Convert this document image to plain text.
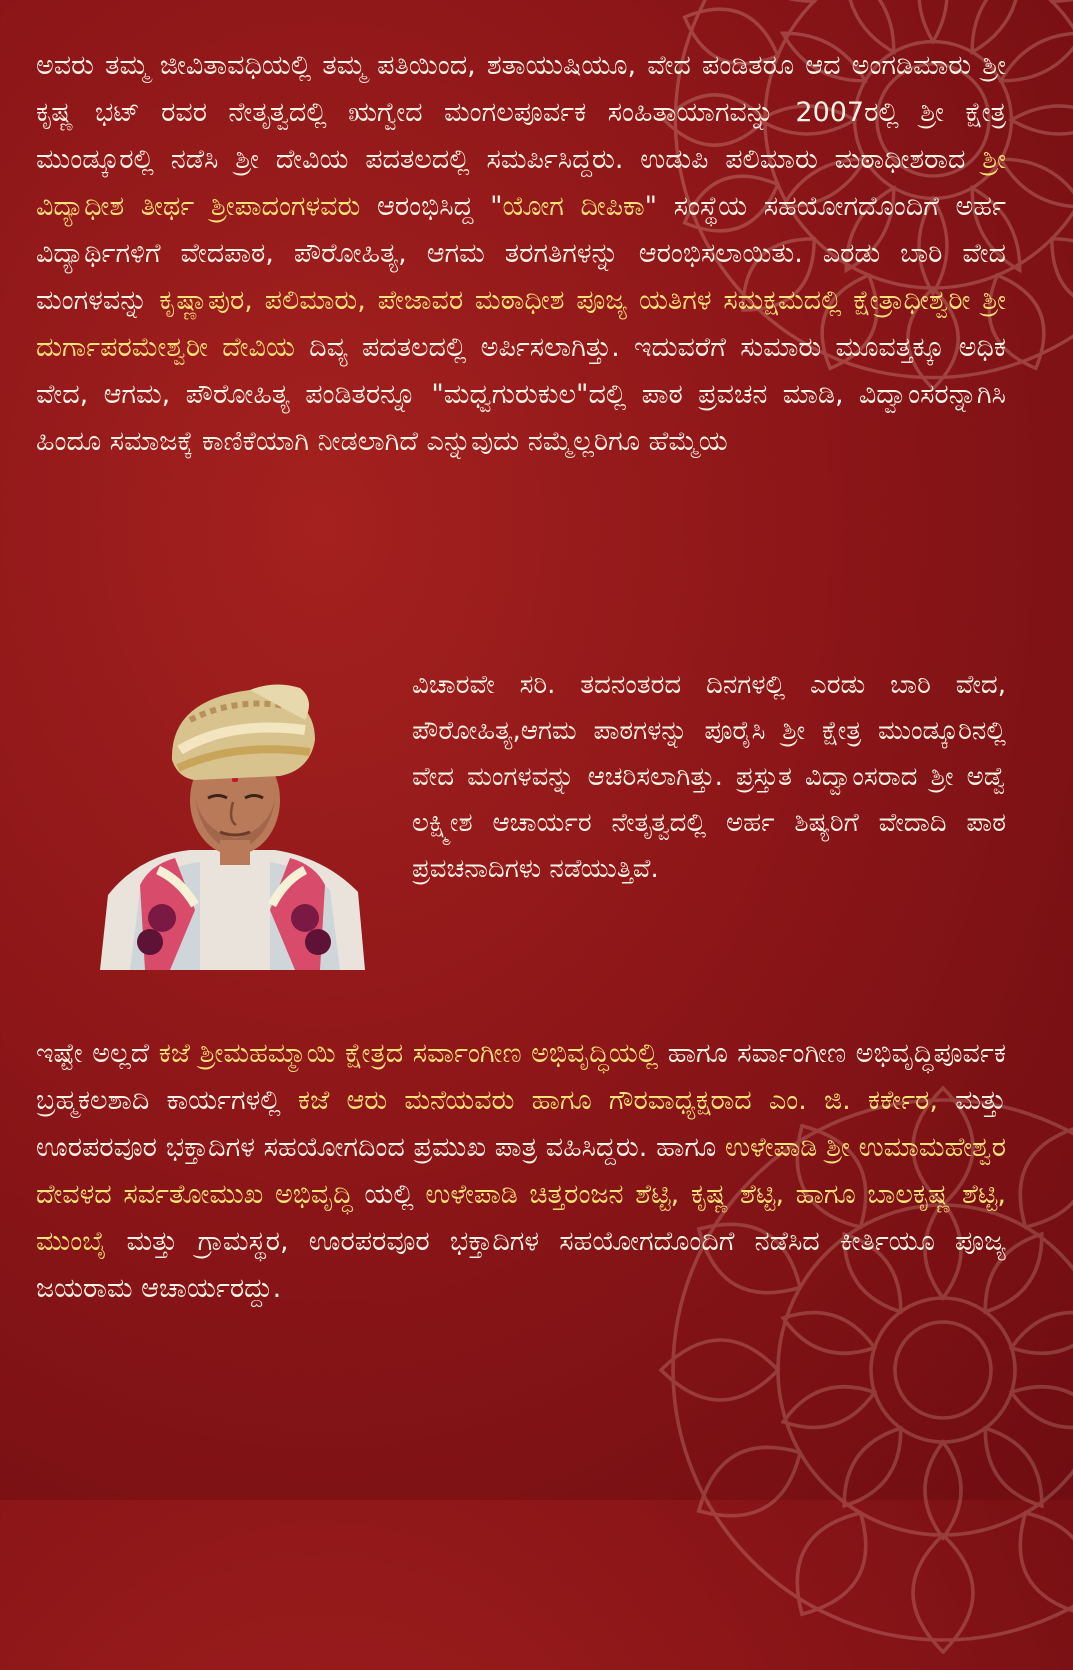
ಅವರು ತಮ್ಮ ಜೀವಿತಾವಧಿಯಲ್ಲಿ ತಮ್ಮ ಪತಿಯಿಂದ, ಶತಾಯುಷಿಯೂ, ವೇದ ಪಂಡಿತರೂ ಆದ ಅಂಗಡಿಮಾರು ಶ್ರೀ ಕೃಷ್ಣ ಭಟ್ ರವರ ನೇತೃತ್ವದಲ್ಲಿ ಋಗ್ವೇದ ಮಂಗಲಪೂರ್ವಕ ಸಂಹಿತಾಯಾಗವನ್ನು 2007ರಲ್ಲಿ ಶ್ರೀ ಕ್ಷೇತ್ರ ಮುಂಡ್ಕೂರಲ್ಲಿ ನಡೆಸಿ ಶ್ರೀ ದೇವಿಯ ಪದತಲದಲ್ಲಿ ಸಮರ್ಪಿಸಿದ್ದರು. ಉಡುಪಿ ಪಲಿಮಾರು ಮಠಾಧೀಶರಾದ ಶ್ರೀ ವಿದ್ಯಾಧೀಶ ತೀರ್ಥ ಶ್ರೀಪಾದಂಗಳವರು ಆರಂಭಿಸಿದ್ದ "ಯೋಗ ದೀಪಿಕಾ" ಸಂಸ್ಥೆಯ ಸಹಯೋಗದೊಂದಿಗೆ ಅರ್ಹ ವಿದ್ಯಾರ್ಥಿಗಳಿಗೆ ವೇದಪಾಠ, ಪೌರೋಹಿತ್ಯ, ಆಗಮ ತರಗತಿಗಳನ್ನು ಆರಂಭಿಸಲಾಯಿತು. ಎರಡು ಬಾರಿ ವೇದ ಮಂಗಳವನ್ನು ಕೃಷ್ಣಾಪುರ, ಪಲಿಮಾರು, ಪೇಜಾವರ ಮಠಾಧೀಶ ಪೂಜ್ಯ ಯತಿಗಳ ಸಮಕ್ಷಮದಲ್ಲಿ ಕ್ಷೇತ್ರಾಧೀಶ್ವರೀ ಶ್ರೀ ದುರ್ಗಾಪರಮೇಶ್ವರೀ ದೇವಿಯ ದಿವ್ಯ ಪದತಲದಲ್ಲಿ ಅರ್ಪಿಸಲಾಗಿತ್ತು. ಇದುವರೆಗೆ ಸುಮಾರು ಮೂವತ್ತಕ್ಕೂ ಅಧಿಕ ವೇದ, ಆಗಮ, ಪೌರೋಹಿತ್ಯ ಪಂಡಿತರನ್ನೂ "ಮಧ್ವಗುರುಕುಲ"ದಲ್ಲಿ ಪಾಠ ಪ್ರವಚನ ಮಾಡಿ, ವಿದ್ವಾಂಸರನ್ನಾಗಿಸಿ ಹಿಂದೂ ಸಮಾಜಕ್ಕೆ ಕಾಣಿಕೆಯಾಗಿ ನೀಡಲಾಗಿದೆ ಎನ್ನುವುದು ನಮ್ಮೆಲ್ಲರಿಗೂ ಹೆಮ್ಮೆಯ
ವಿಚಾರವೇ ಸರಿ. ತದನಂತರದ ದಿನಗಳಲ್ಲಿ ಎರಡು ಬಾರಿ ವೇದ, ಪೌರೋಹಿತ್ಯ,ಆಗಮ ಪಾಠಗಳನ್ನು ಪೂರೈಸಿ ಶ್ರೀ ಕ್ಷೇತ್ರ ಮುಂಡ್ಕೂರಿನಲ್ಲಿ ವೇದ ಮಂಗಳವನ್ನು ಆಚರಿಸಲಾಗಿತ್ತು. ಪ್ರಸ್ತುತ ವಿದ್ವಾಂಸರಾದ ಶ್ರೀ ಅಡ್ವೆ ಲಕ್ಷ್ಮೀಶ ಆಚಾರ್ಯರ ನೇತೃತ್ವದಲ್ಲಿ ಅರ್ಹ ಶಿಷ್ಯರಿಗೆ ವೇದಾದಿ ಪಾಠ ಪ್ರವಚನಾದಿಗಳು ನಡೆಯುತ್ತಿವೆ.
ಇಷ್ಟೇ ಅಲ್ಲದೆ ಕಜೆ ಶ್ರೀಮಹಮ್ಮಾಯಿ ಕ್ಷೇತ್ರದ ಸರ್ವಾಂಗೀಣ ಅಭಿವೃದ್ಧಿಯಲ್ಲಿ ಹಾಗೂ ಸರ್ವಾಂಗೀಣ ಅಭಿವೃದ್ಧಿಪೂರ್ವಕ ಬ್ರಹ್ಮಕಲಶಾದಿ ಕಾರ್ಯಗಳಲ್ಲಿ ಕಜೆ ಆರು ಮನೆಯವರು ಹಾಗೂ ಗೌರವಾಧ್ಯಕ್ಷರಾದ ಎಂ. ಜಿ. ಕರ್ಕೇರ, ಮತ್ತು ಊರಪರವೂರ ಭಕ್ತಾದಿಗಳ ಸಹಯೋಗದಿಂದ ಪ್ರಮುಖ ಪಾತ್ರ ವಹಿಸಿದ್ದರು. ಹಾಗೂ ಉಳೇಪಾಡಿ ಶ್ರೀ ಉಮಾಮಹೇಶ್ವರ ದೇವಳದ ಸರ್ವತೋಮುಖ ಅಭಿವೃದ್ಧಿ ಯಲ್ಲಿ ಉಳೇಪಾಡಿ ಚಿತ್ತರಂಜನ ಶೆಟ್ಟಿ, ಕೃಷ್ಣ ಶೆಟ್ಟಿ, ಹಾಗೂ ಬಾಲಕೃಷ್ಣ ಶೆಟ್ಟಿ, ಮುಂಬೈ ಮತ್ತು ಗ್ರಾಮಸ್ಥರ, ಊರಪರವೂರ ಭಕ್ತಾದಿಗಳ ಸಹಯೋಗದೊಂದಿಗೆ ನಡೆಸಿದ ಕೀರ್ತಿಯೂ ಪೂಜ್ಯ ಜಯರಾಮ ಆಚಾರ್ಯರದ್ದು.
